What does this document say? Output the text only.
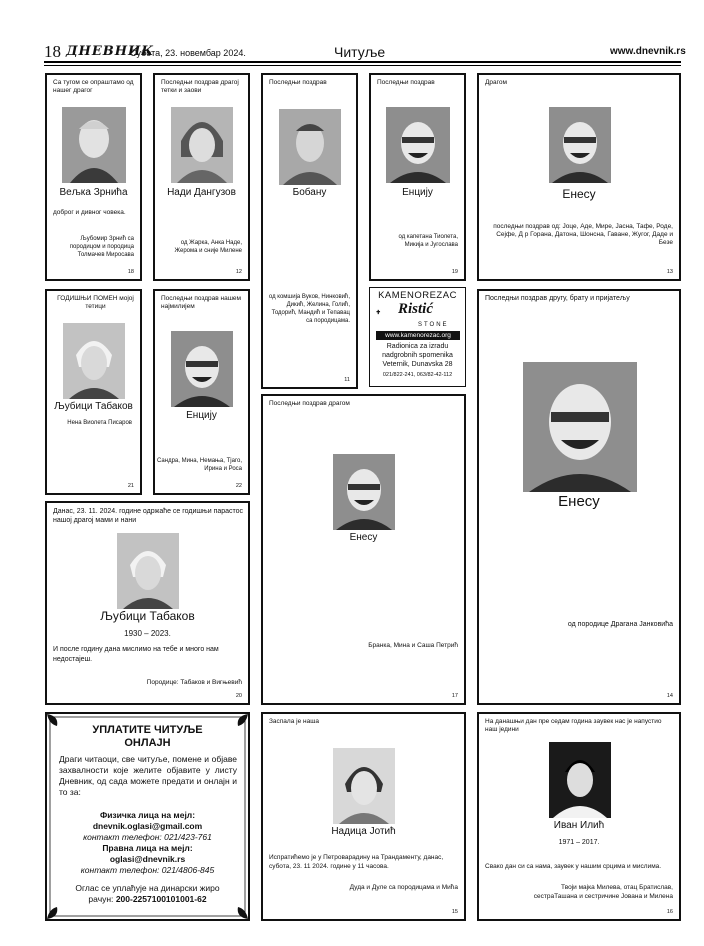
18 ДНЕВНИК
Субота, 23. новембар 2024.	Читуље	www.dnevnik.rs
Са тугом се опраштамо од нашег драгог
Вељка Зрнића
доброг и дивног човека.
Љубомир Зрнић са породицом и породица Толмачев Миросава
18
Последњи поздрав драгој тетки и заови
Нади Дангузов
од Жарка, Анкa Наде, Жерома и сније Милене
12
Последњи поздрав
Бобану
од комшија Вуков, Нинковић, Дикић, Желина, Голић, Тодорић, Мандић и Тепавац са породицама.
11
Последњи поздрав
Енцију
од капетана Тиолета, Микија и Југослава
19
Драгом
Енесу
последњи поздрав од: Јоце, Аде, Мире, Јасна, Тафе, Роде, Сејфе, Д р Горана, Датона, Шонсна, Гаване, Жугог, Даде и Безе
13
ГОДИШЊИ ПОМЕН мојој тетици
Љубици Табаков
Нена Виолета Писаров
21
Последњи поздрав нашем најмилијем
Енцију
Сандра, Мина, Немања, Тјаго, Ирина и Роса
22
KAMENOREZAC
Ristić
STONE
www.kamenorezac.org
Radionica za izradu
nadgrobnih spomenika
Veternik, Dunavska 28
021/822-241, 063/82-42-112
Последњи поздрав другу, брату и пријатељу
Енесу
од породице Драгана Јанковића
14
Данас, 23. 11. 2024. године одржаће се годишњи парастос нашој драгој мами и нани
Љубици Табаков
1930 – 2023.
И после годину дана мислимо на тебе и много нам недостајеш.
Породице: Табаков и Вигњевић
20
Последњи поздрав драгом
Енесу
Бранка, Мина и Саша Петрић
17
УПЛАТИТЕ ЧИТУЉЕ
ОНЛАЈН
Драги читаоци, све читуље, помене и објаве захвалности које желите објавите у листу Дневник, од сада можете предати и онлајн и то за:
Физичка лица на мејл:
dnevnik.oglasi@gmail.com
контакт телефон: 021/423-761
Правна лица на мејл:
oglasi@dnevnik.rs
контакт телефон: 021/4806-845
Оглас се уплаћује на динарски жиро
рачун: 200-2257100101001-62
Заспала је наша
Надица Јотић
Испратићемо је у Петроварадину на Трандаменту, данас, субота, 23. 11 2024. године у 11 часова.
Дуда и Дуле са породицама и Мића
15
На данашњи дан пре седам година заувек нас је напустио наш једини
Иван Илић
1971 – 2017.
Свако дан си са нама, заувек у нашим срцима и мислима.
Твоји мајка Милева, отац Братислав,
сестраТашана и сестричине Јована и Милена
16
